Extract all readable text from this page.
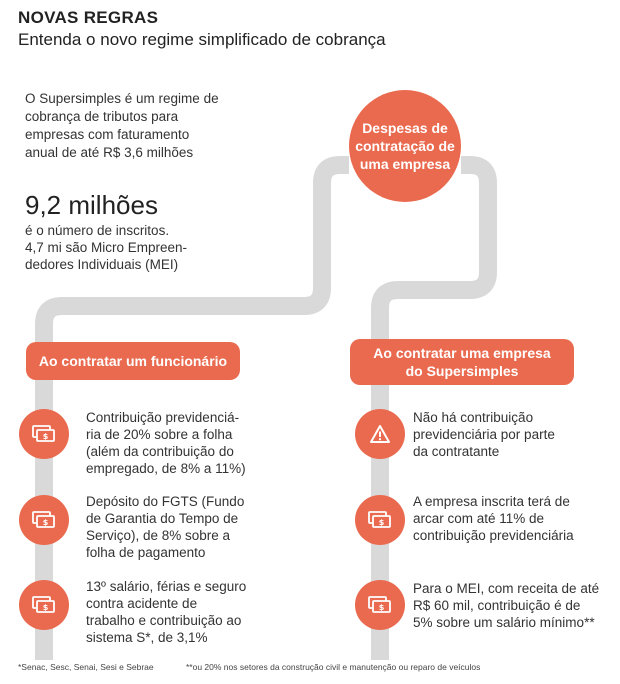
NOVAS REGRAS
Entenda o novo regime simplificado de cobrança
O Supersimples é um regime de cobrança de tributos para empresas com faturamento anual de até R$ 3,6 milhões
9,2 milhões
é o número de inscritos.
4,7 mi são Micro Empreen-
dedores Individuais (MEI)
Despesas de
contratação de
uma empresa
Ao contratar um funcionário	Ao contratar uma empresa
do Supersimples
$
Contribuição previdenciá-
ria de 20% sobre a folha
(além da contribuição do
empregado, de 8% a 11%)
$
Depósito do FGTS (Fundo
de Garantia do Tempo de
Serviço), de 8% sobre a
folha de pagamento
$
13º salário, férias e seguro
contra acidente de
trabalho e contribuição ao
sistema S*, de 3,1%
Não há contribuição
previdenciária por parte
da contratante
$
A empresa inscrita terá de
arcar com até 11% de
contribuição previdenciária
$
Para o MEI, com receita de até
R$ 60 mil, contribuição é de
5% sobre um salário mínimo**
*Senac, Sesc, Senai, Sesi e Sebrae	**ou 20% nos setores da construção civil e manutenção ou reparo de veículos
